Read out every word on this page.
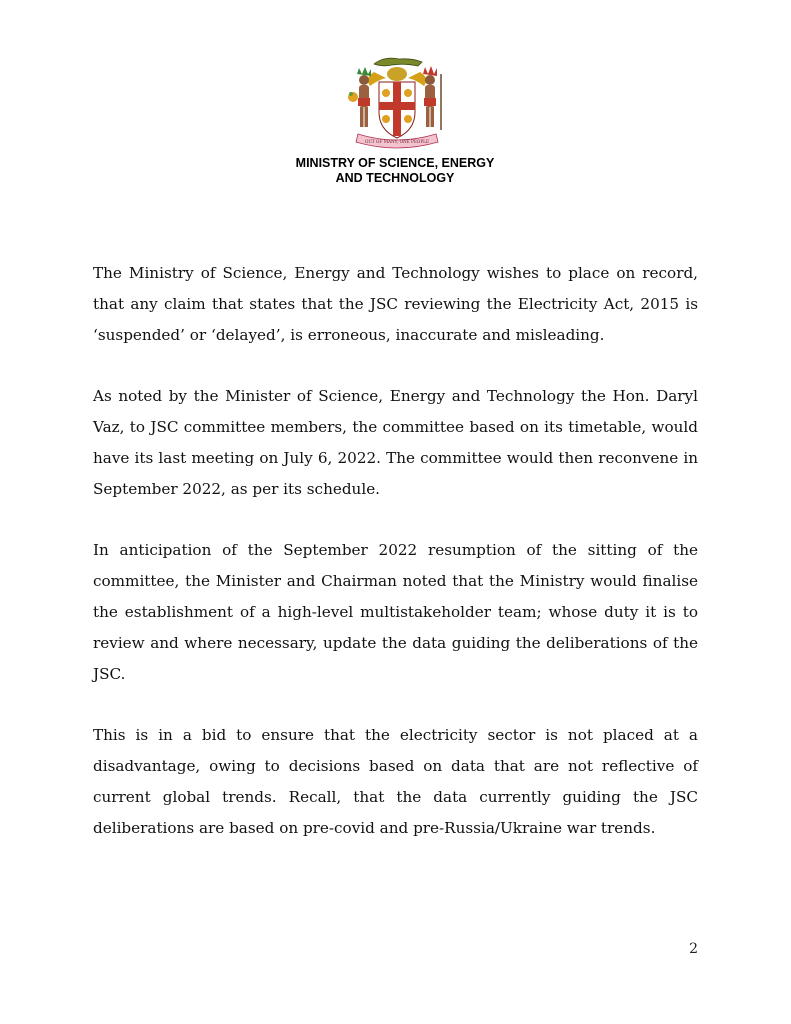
OUT OF MANY, ONE PEOPLE
MINISTRY OF SCIENCE, ENERGY
AND TECHNOLOGY

The Ministry of Science, Energy and Technology wishes to place on record, that any claim that states that the JSC reviewing the Electricity Act, 2015 is ‘suspended’ or ‘delayed’, is erroneous, inaccurate and misleading.

As noted by the Minister of Science, Energy and Technology the Hon. Daryl Vaz, to JSC committee members, the committee based on its timetable, would have its last meeting on July 6, 2022. The committee would then reconvene in September 2022, as per its schedule.

In anticipation of the September 2022 resumption of the sitting of the committee, the Minister and Chairman noted that the Ministry would finalise the establishment of a high-level multistakeholder team; whose duty it is to review and where necessary, update the data guiding the deliberations of the JSC.

This is in a bid to ensure that the electricity sector is not placed at a disadvantage, owing to decisions based on data that are not reflective of current global trends. Recall, that the data currently guiding the JSC deliberations are based on pre-covid and pre-Russia/Ukraine war trends.

2
